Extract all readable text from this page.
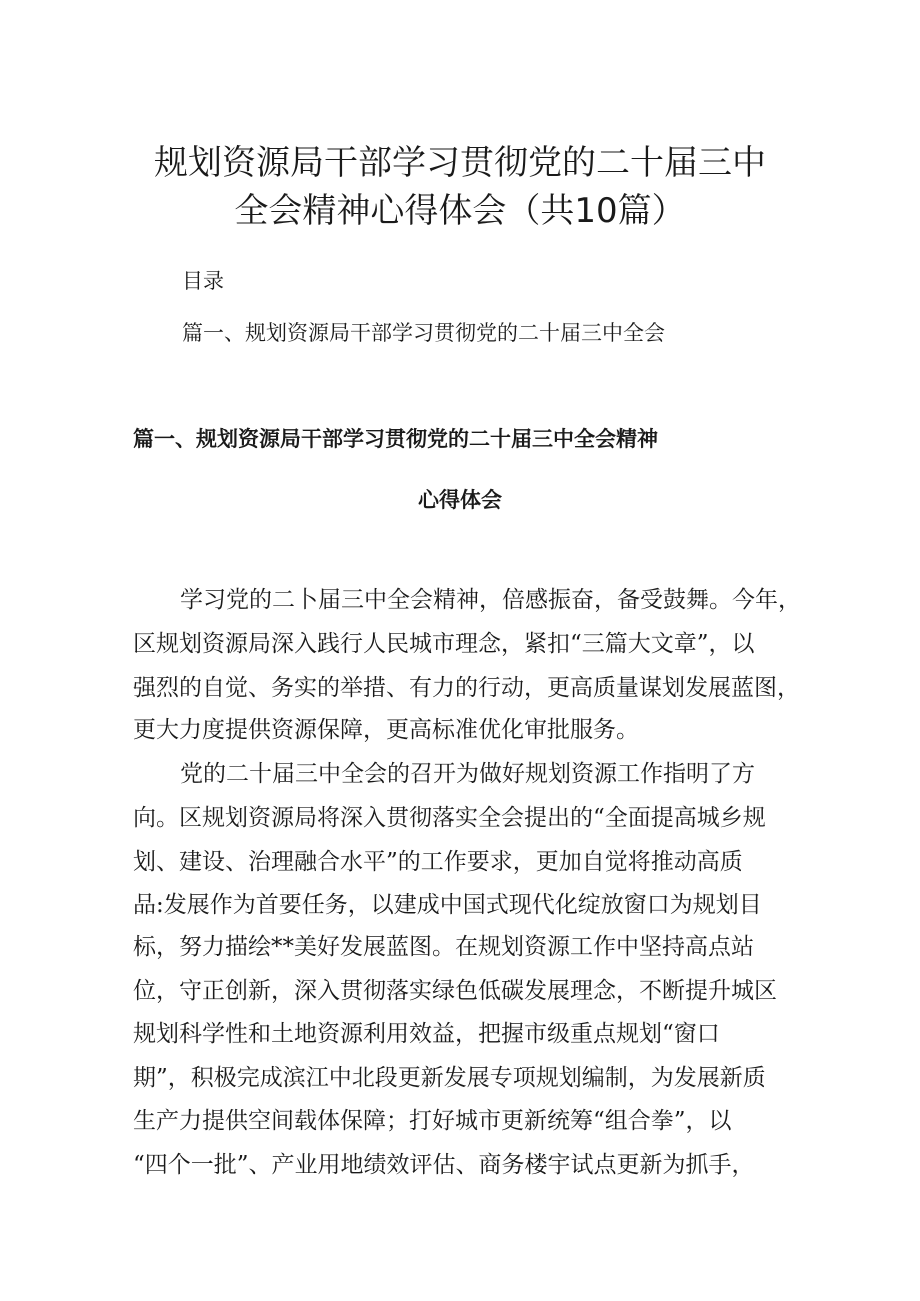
规划资源局干部学习贯彻党的二十届三中
全会精神心得体会（共10篇）
目录
篇一、规划资源局干部学习贯彻党的二十届三中全会
篇一、规划资源局干部学习贯彻党的二十届三中全会精神
心得体会
学习党的二卜届三中全会精神，倍感振奋，备受鼓舞。今年，
区规划资源局深入践行人民城市理念，紧扣“三篇大文章”，以
强烈的自觉、务实的举措、有力的行动，更高质量谋划发展蓝图，
更大力度提供资源保障，更高标准优化审批服务。
党的二十届三中全会的召开为做好规划资源工作指明了方
向。区规划资源局将深入贯彻落实全会提出的“全面提高城乡规
划、建设、治理融合水平”的工作要求，更加自觉将推动高质
品:发展作为首要任务，以建成中国式现代化绽放窗口为规划目
标，努力描绘**美好发展蓝图。在规划资源工作中坚持高点站
位，守正创新，深入贯彻落实绿色低碳发展理念，不断提升城区
规划科学性和土地资源利用效益，把握市级重点规划“窗口
期”，积极完成滨江中北段更新发展专项规划编制，为发展新质
生产力提供空间载体保障；打好城市更新统筹“组合拳”，以
“四个一批”、产业用地绩效评估、商务楼宇试点更新为抓手，
